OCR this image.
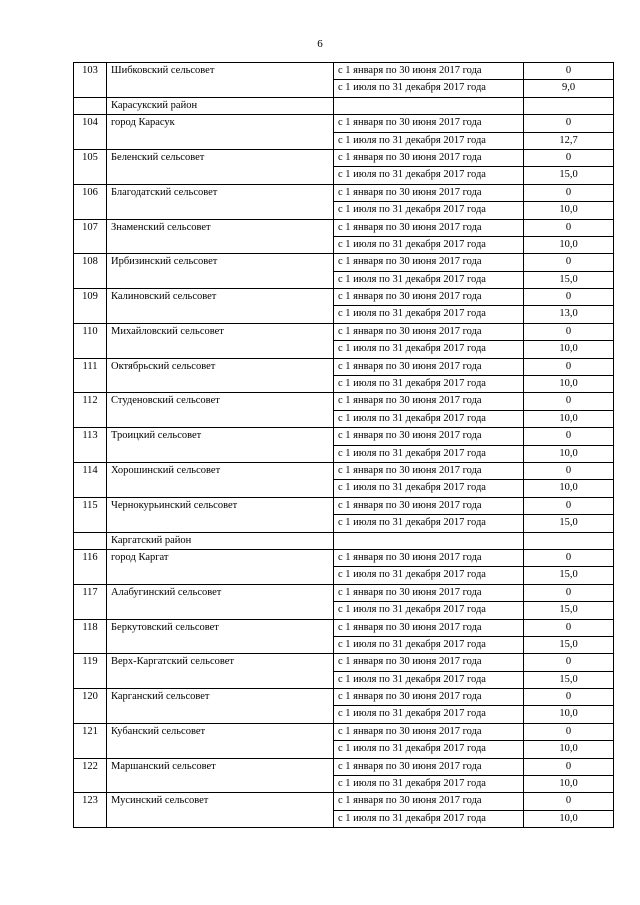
6
103	Шибковский сельсовет	с 1 января по 30 июня 2017 года	0
		с 1 июля по 31 декабря 2017 года	9,0
	Карасукский район		
104	город Карасук	с 1 января по 30 июня 2017 года	0
		с 1 июля по 31 декабря 2017 года	12,7
105	Беленский сельсовет	с 1 января по 30 июня 2017 года	0
		с 1 июля по 31 декабря 2017 года	15,0
106	Благодатский сельсовет	с 1 января по 30 июня 2017 года	0
		с 1 июля по 31 декабря 2017 года	10,0
107	Знаменский сельсовет	с 1 января по 30 июня 2017 года	0
		с 1 июля по 31 декабря 2017 года	10,0
108	Ирбизинский сельсовет	с 1 января по 30 июня 2017 года	0
		с 1 июля по 31 декабря 2017 года	15,0
109	Калиновский сельсовет	с 1 января по 30 июня 2017 года	0
		с 1 июля по 31 декабря 2017 года	13,0
110	Михайловский сельсовет	с 1 января по 30 июня 2017 года	0
		с 1 июля по 31 декабря 2017 года	10,0
111	Октябрьский сельсовет	с 1 января по 30 июня 2017 года	0
		с 1 июля по 31 декабря 2017 года	10,0
112	Студеновский сельсовет	с 1 января по 30 июня 2017 года	0
		с 1 июля по 31 декабря 2017 года	10,0
113	Троицкий сельсовет	с 1 января по 30 июня 2017 года	0
		с 1 июля по 31 декабря 2017 года	10,0
114	Хорошинский сельсовет	с 1 января по 30 июня 2017 года	0
		с 1 июля по 31 декабря 2017 года	10,0
115	Чернокурьинский сельсовет	с 1 января по 30 июня 2017 года	0
		с 1 июля по 31 декабря 2017 года	15,0
	Каргатский район		
116	город Каргат	с 1 января по 30 июня 2017 года	0
		с 1 июля по 31 декабря 2017 года	15,0
117	Алабугинский сельсовет	с 1 января по 30 июня 2017 года	0
		с 1 июля по 31 декабря 2017 года	15,0
118	Беркутовский сельсовет	с 1 января по 30 июня 2017 года	0
		с 1 июля по 31 декабря 2017 года	15,0
119	Верх-Каргатский сельсовет	с 1 января по 30 июня 2017 года	0
		с 1 июля по 31 декабря 2017 года	15,0
120	Карганский сельсовет	с 1 января по 30 июня 2017 года	0
		с 1 июля по 31 декабря 2017 года	10,0
121	Кубанский сельсовет	с 1 января по 30 июня 2017 года	0
		с 1 июля по 31 декабря 2017 года	10,0
122	Маршанский сельсовет	с 1 января по 30 июня 2017 года	0
		с 1 июля по 31 декабря 2017 года	10,0
123	Мусинский сельсовет	с 1 января по 30 июня 2017 года	0
		с 1 июля по 31 декабря 2017 года	10,0
